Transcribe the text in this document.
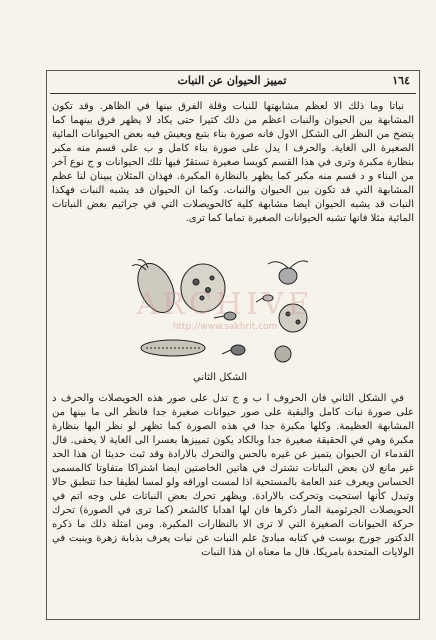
١٦٤
تمييز الحيوان عن النبات

نباتا وما ذلك الا لعظم مشابهتها للنبات وقلة الفرق بينها في الظاهر. وقد تكون المشابهة بين الحيوان والنبات اعظم من ذلك كثيرا حتى يكاد لا يظهر فرق بينهما كما يتضح من النظر الى الشكل الاول فانه صورة بناء بتبع ويعيش فيه بعض الحيوانات المائية الصغيرة الى الغاية. والحرف ا يدل على صورة بناء كامل و ب على قسم منه مكبر بنظارة مكبرة وترى في هذا القسم كويسا صغيرة تستقرّ فيها تلك الحيوانات و ج نوع آخر من البناء و د قسم منه مكبر كما يظهر بالنظارة المكبرة. فهذان المثلان يبينان لنا عظم المشابهة التي قد تكون بين الحيوان والنبات. وكما ان الحيوان قد يشبه النبات فهكذا النبات قد يشبه الحيوان ايضا مشابهة كلية كالحويصلات التي في جراثيم بعض النباتات المائية مثلا فانها تشبه الحيوانات الصغيرة تماما كما ترى.

ARCHIVE
http://www.sakhrit.com
الشكل الثاني

في الشكل الثاني فان الحروف ا ب و ج تدل على صور هذه الحويصلات والحرف د على صورة نبات كامل والبقية على صور حيوانات صغيرة جدا فانظر الى ما بينها من المشابهة العظيمة. وكلها مكبرة جدا في هذه الصورة كما تظهر لو نظر اليها بنظارة مكبرة وهي في الحقيقة صغيرة جدا وبالكاد يكون تمييزها بعسرا الى الغاية لا يخفى. قال القدماء ان الحيوان يتميز عن غيره بالحس والتحرك بالارادة وقد ثبت حديثا ان هذا الحد غير مانع لان بعض النباتات تشترك في هاتين الخاصتين ايضا اشتراكا متفاوتا كالمسمى الحساس ويعرف عند العامة بالمستحية اذا لمست اوراقه ولو لمسا لطيفا جدا تنطبق حالا وتبدل كأنها استحيت وتحركت بالارادة. ويظهر تحرك بعض النباتات على وجه اتم في الحويصلات الجرثومية المار ذكرها فان لها اهدابا كالشعر (كما ترى في الصورة) تحرك حركة الحيوانات الصغيرة التي لا ترى الا بالنظارات المكبرة. ومن امثلة ذلك ما ذكره الدكتور جورج بوست في كتابه مبادئ علم النبات عن نبات يعرف بذبابة زهرة وينبت في الولايات المتحدة بامريكا. قال ما معناه ان هذا النبات
